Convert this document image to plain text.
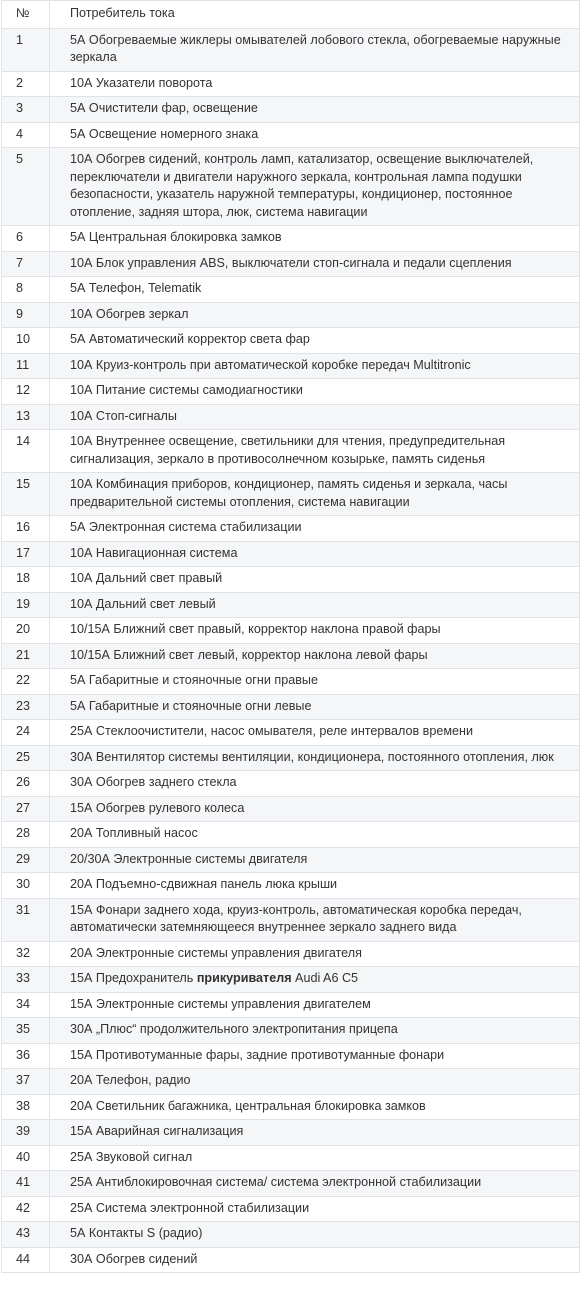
№	Потребитель тока
1	5А Обогреваемые жиклеры омывателей лобового стекла, обогреваемые наружные зеркала
2	10А Указатели поворота
3	5А Очистители фар, освещение
4	5А Освещение номерного знака
5	10А Обогрев сидений, контроль ламп, катализатор, освещение выключателей, переключатели и двигатели наружного зеркала, контрольная лампа подушки безопасности, указатель наружной температуры, кондиционер, постоянное отопление, задняя штора, люк, система навигации
6	5А Центральная блокировка замков
7	10А Блок управления ABS, выключатели стоп-сигнала и педали сцепления
8	5А Телефон, Telematik
9	10А Обогрев зеркал
10	5А Автоматический корректор света фар
11	10А Круиз-контроль при автоматической коробке передач Multitronic
12	10А Питание системы самодиагностики
13	10А Стоп-сигналы
14	10А Внутреннее освещение, светильники для чтения, предупредительная сигнализация, зеркало в противосолнечном козырьке, память сиденья
15	10А Комбинация приборов, кондиционер, память сиденья и зеркала, часы предварительной системы отопления, система навигации
16	5А Электронная система стабилизации
17	10А Навигационная система
18	10А Дальний свет правый
19	10А Дальний свет левый
20	10/15А Ближний свет правый, корректор наклона правой фары
21	10/15А Ближний свет левый, корректор наклона левой фары
22	5А Габаритные и стояночные огни правые
23	5А Габаритные и стояночные огни левые
24	25А Стеклоочистители, насос омывателя, реле интервалов времени
25	30А Вентилятор системы вентиляции, кондиционера, постоянного отопления, люк
26	30А Обогрев заднего стекла
27	15А Обогрев рулевого колеса
28	20А Топливный насос
29	20/30А Электронные системы двигателя
30	20А Подъемно-сдвижная панель люка крыши
31	15А Фонари заднего хода, круиз-контроль, автоматическая коробка передач, автоматически затемняющееся внутреннее зеркало заднего вида
32	20А Электронные системы управления двигателя
33	15А Предохранитель прикуривателя Audi A6 C5
34	15А Электронные системы управления двигателем
35	30А „Плюс“ продолжительного электропитания прицепа
36	15А Противотуманные фары, задние противотуманные фонари
37	20А Телефон, радио
38	20А Светильник багажника, центральная блокировка замков
39	15А Аварийная сигнализация
40	25А Звуковой сигнал
41	25А Антиблокировочная система/ система электронной стабилизации
42	25А Система электронной стабилизации
43	5А Контакты S (радио)
44	30А Обогрев сидений
